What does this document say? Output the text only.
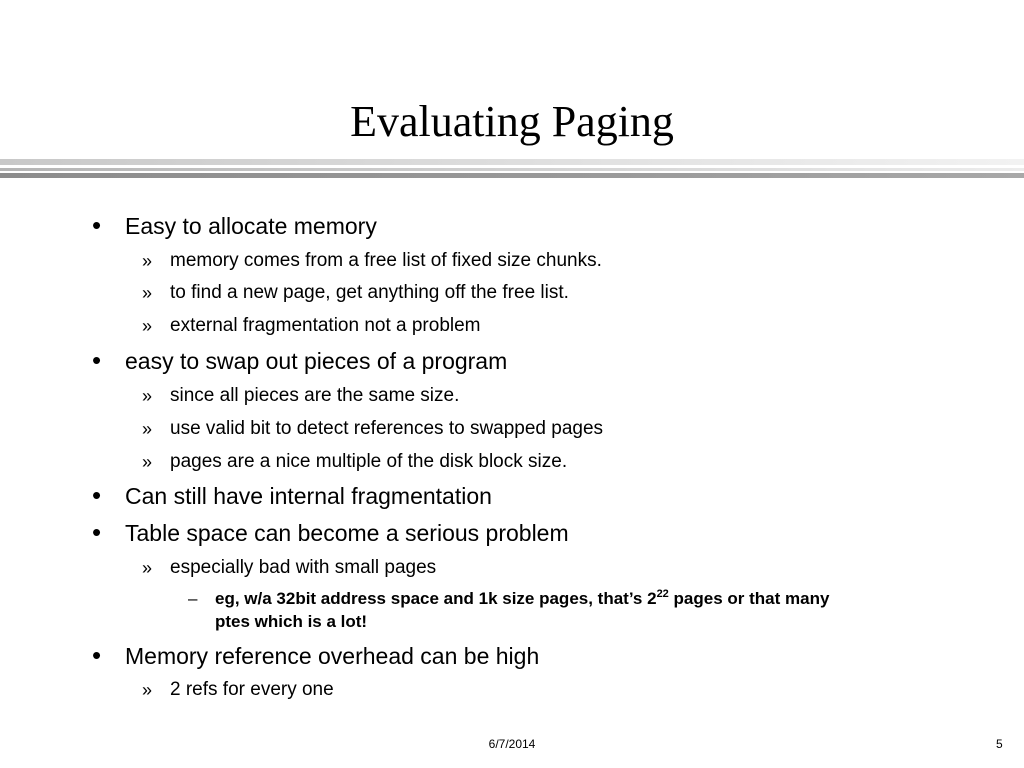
Evaluating Paging
• Easy to allocate memory
» memory comes from a free list of fixed size chunks.
» to find a new page, get anything off the free list.
» external fragmentation not a problem
• easy to swap out pieces of a program
» since all pieces are the same size.
» use valid bit to detect references to swapped pages
» pages are a nice multiple of the disk block size.
• Can still have internal fragmentation
• Table space can become a serious problem
» especially bad with small pages
– eg, w/a 32bit address space and 1k size pages, that’s $2^{22}$ pages or that many
ptes which is a lot!
• Memory reference overhead can be high
» 2 refs for every one
6/7/2014	5
